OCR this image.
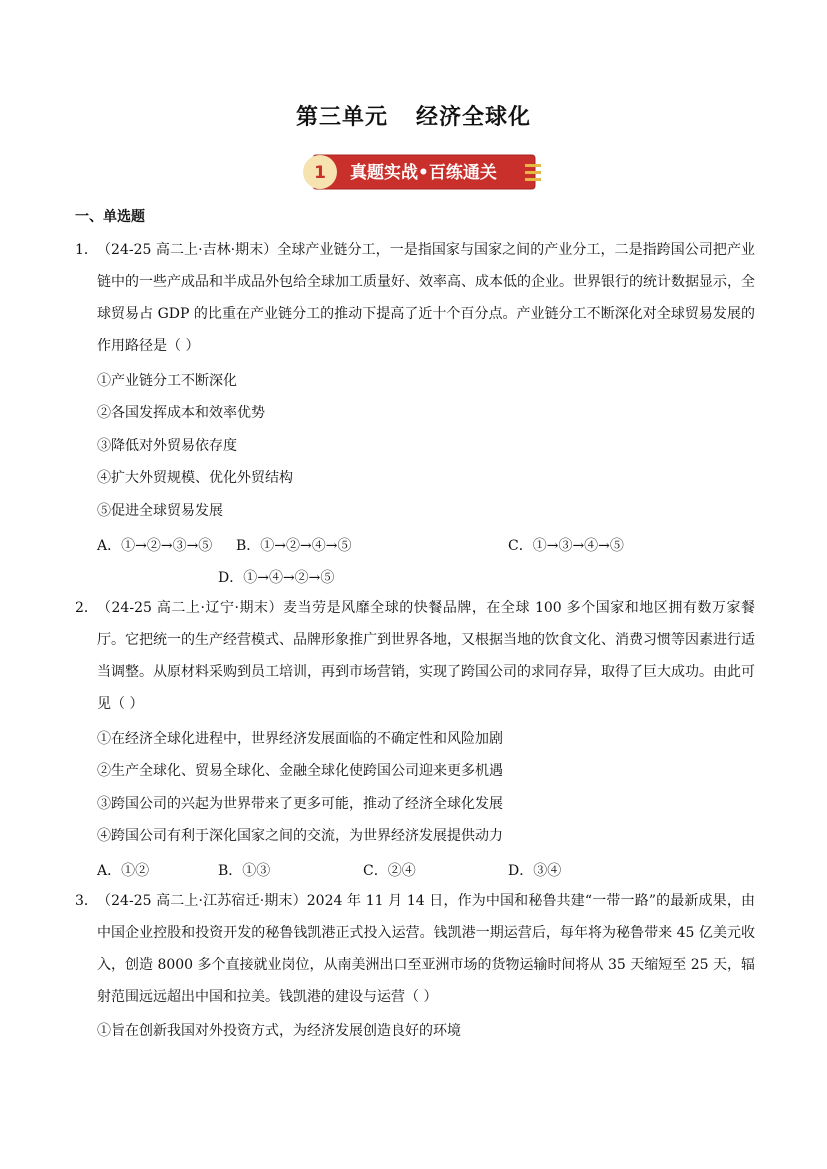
第三单元 经济全球化
1 真题实战•百练通关
一、单选题
1． （24-25 高二上·吉林·期末）全球产业链分工，一是指国家与国家之间的产业分工，二是指跨国公司把产业链中的一些产成品和半成品外包给全球加工质量好、效率高、成本低的企业。世界银行的统计数据显示，全球贸易占 GDP 的比重在产业链分工的推动下提高了近十个百分点。产业链分工不断深化对全球贸易发展的作用路径是（ ）
①产业链分工不断深化
②各国发挥成本和效率优势
③降低对外贸易依存度
④扩大外贸规模、优化外贸结构
⑤促进全球贸易发展
A．①→②→③→⑤ B．①→②→④→⑤	C．①→③→④→⑤
D．①→④→②→⑤
2． （24-25 高二上·辽宁·期末）麦当劳是风靡全球的快餐品牌，在全球 100 多个国家和地区拥有数万家餐厅。它把统一的生产经营模式、品牌形象推广到世界各地，又根据当地的饮食文化、消费习惯等因素进行适当调整。从原材料采购到员工培训，再到市场营销，实现了跨国公司的求同存异，取得了巨大成功。由此可见（ ）
①在经济全球化进程中，世界经济发展面临的不确定性和风险加剧
②生产全球化、贸易全球化、金融全球化使跨国公司迎来更多机遇
③跨国公司的兴起为世界带来了更多可能，推动了经济全球化发展
④跨国公司有利于深化国家之间的交流，为世界经济发展提供动力
A．①②	B．①③	C．②④	D．③④
3． （24-25 高二上·江苏宿迁·期末）2024 年 11 月 14 日，作为中国和秘鲁共建“一带一路”的最新成果，由中国企业控股和投资开发的秘鲁钱凯港正式投入运营。钱凯港一期运营后，每年将为秘鲁带来 45 亿美元收入，创造 8000 多个直接就业岗位，从南美洲出口至亚洲市场的货物运输时间将从 35 天缩短至 25 天，辐射范围远远超出中国和拉美。钱凯港的建设与运营（ ）
①旨在创新我国对外投资方式，为经济发展创造良好的环境
